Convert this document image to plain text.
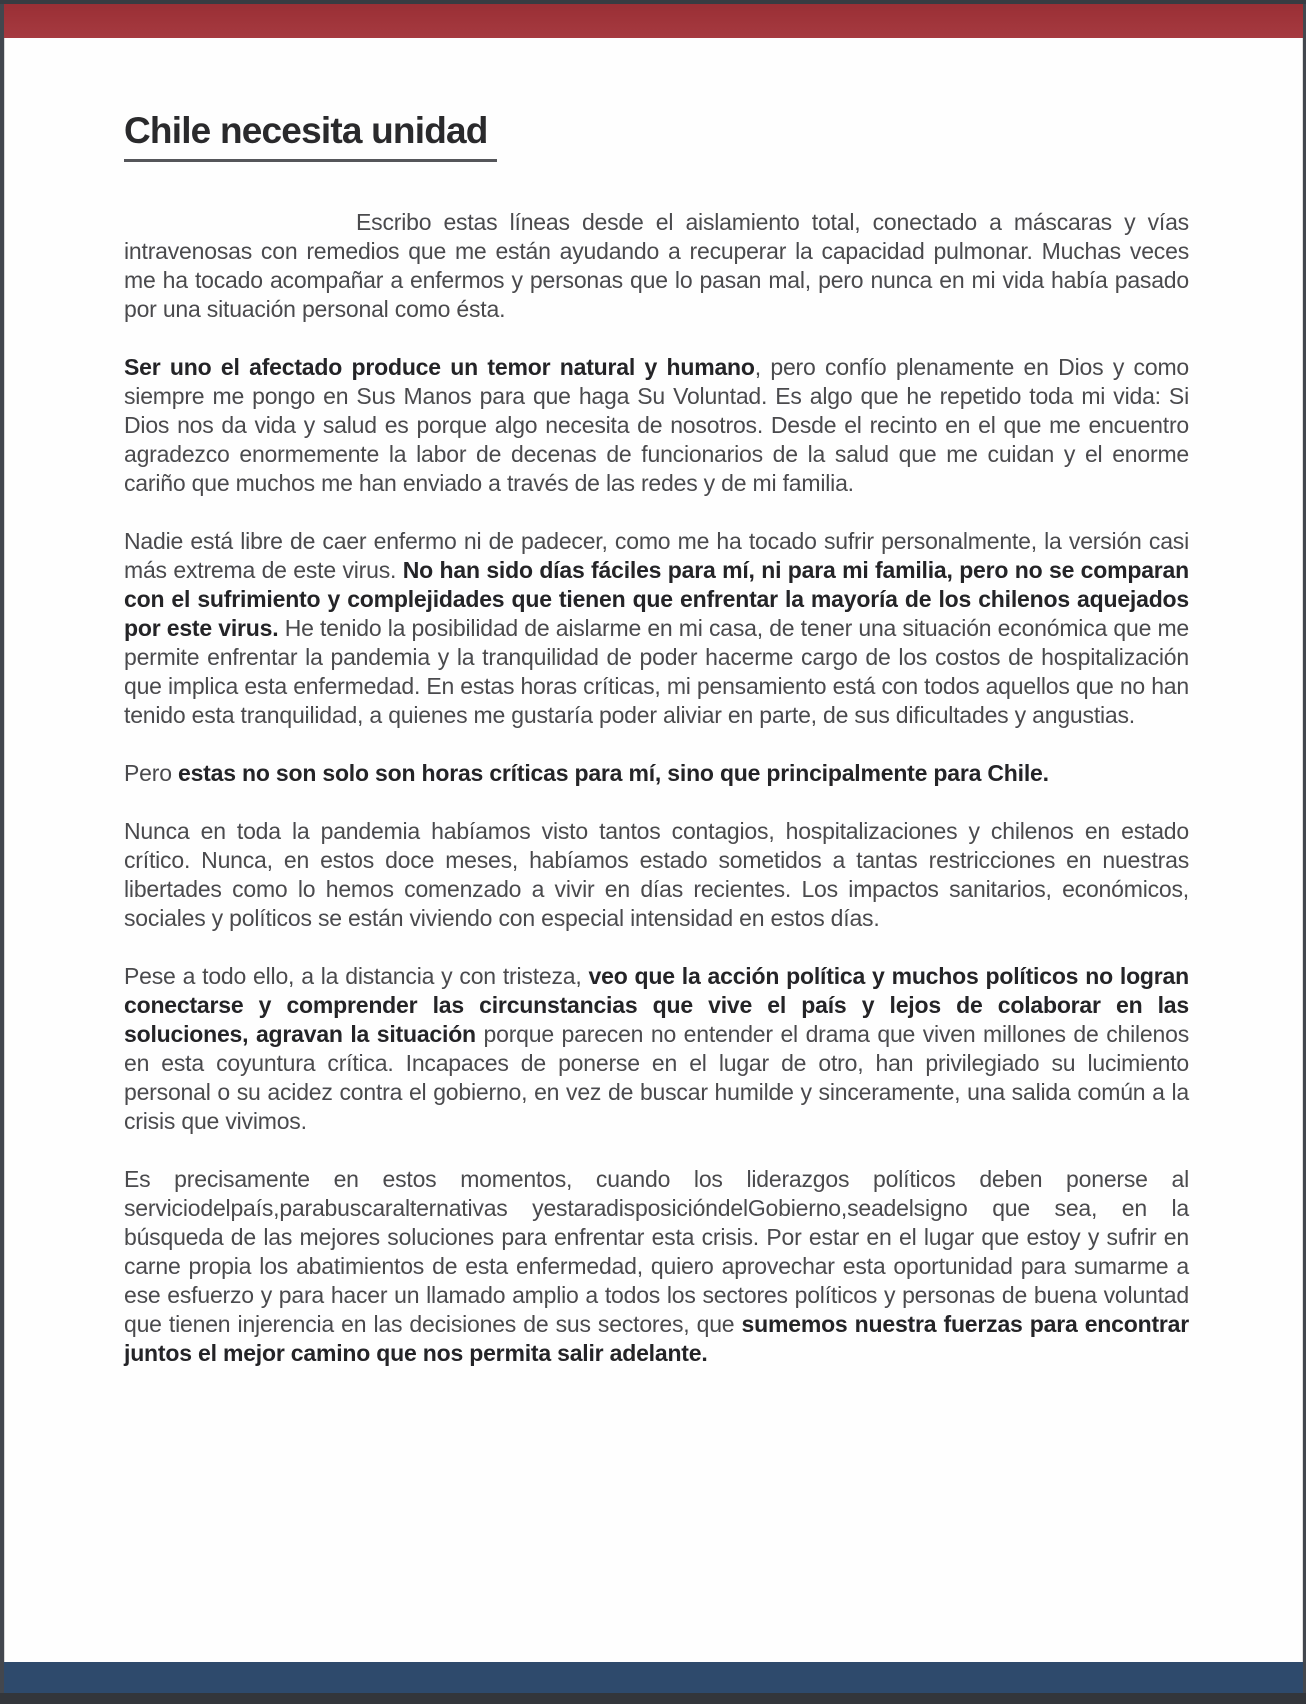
Chile necesita unidad

Escribo estas líneas desde el aislamiento total, conectado a máscaras y vías intravenosas con remedios que me están ayudando a recuperar la capacidad pulmonar. Muchas veces me ha tocado acompañar a enfermos y personas que lo pasan mal, pero nunca en mi vida había pasado por una situación personal como ésta.

Ser uno el afectado produce un temor natural y humano, pero confío plenamente en Dios y como siempre me pongo en Sus Manos para que haga Su Voluntad. Es algo que he repetido toda mi vida: Si Dios nos da vida y salud es porque algo necesita de nosotros. Desde el recinto en el que me encuentro agradezco enormemente la labor de decenas de funcionarios de la salud que me cuidan y el enorme cariño que muchos me han enviado a través de las redes y de mi familia.

Nadie está libre de caer enfermo ni de padecer, como me ha tocado sufrir personalmente, la versión casi más extrema de este virus. No han sido días fáciles para mí, ni para mi familia, pero no se comparan con el sufrimiento y complejidades que tienen que enfrentar la mayoría de los chilenos aquejados por este virus. He tenido la posibilidad de aislarme en mi casa, de tener una situación económica que me permite enfrentar la pandemia y la tranquilidad de poder hacerme cargo de los costos de hospitalización que implica esta enfermedad. En estas horas críticas, mi pensamiento está con todos aquellos que no han tenido esta tranquilidad, a quienes me gustaría poder aliviar en parte, de sus dificultades y angustias.

Pero estas no son solo son horas críticas para mí, sino que principalmente para Chile.

Nunca en toda la pandemia habíamos visto tantos contagios, hospitalizaciones y chilenos en estado crítico. Nunca, en estos doce meses, habíamos estado sometidos a tantas restricciones en nuestras libertades como lo hemos comenzado a vivir en días recientes. Los impactos sanitarios, económicos, sociales y políticos se están viviendo con especial intensidad en estos días.

Pese a todo ello, a la distancia y con tristeza, veo que la acción política y muchos políticos no logran conectarse y comprender las circunstancias que vive el país y lejos de colaborar en las soluciones, agravan la situación porque parecen no entender el drama que viven millones de chilenos en esta coyuntura crítica. Incapaces de ponerse en el lugar de otro, han privilegiado su lucimiento personal o su acidez contra el gobierno, en vez de buscar humilde y sinceramente, una salida común a la crisis que vivimos.

Es precisamente en estos momentos, cuando los liderazgos políticos deben ponerse al serviciodelpaís,parabuscaralternativas yestaradisposicióndelGobierno,seadelsigno que sea, en la búsqueda de las mejores soluciones para enfrentar esta crisis. Por estar en el lugar que estoy y sufrir en carne propia los abatimientos de esta enfermedad, quiero aprovechar esta oportunidad para sumarme a ese esfuerzo y para hacer un llamado amplio a todos los sectores políticos y personas de buena voluntad que tienen injerencia en las decisiones de sus sectores, que sumemos nuestra fuerzas para encontrar juntos el mejor camino que nos permita salir adelante.
